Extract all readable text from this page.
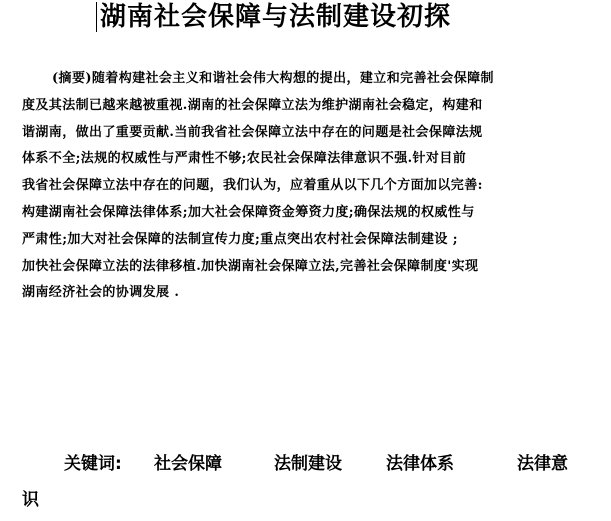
湖南社会保障与法制建设初探
(摘要)随着构建社会主义和谐社会伟大构想的提出，建立和完善社会保障制
度及其法制已越来越被重视.湖南的社会保障立法为维护湖南社会稳定，构建和
谐湖南，做出了重要贡献.当前我省社会保障立法中存在的问题是社会保障法规
体系不全;法规的权威性与严肃性不够;农民社会保障法律意识不强.针对目前
我省社会保障立法中存在的问题，我们认为，应着重从以下几个方面加以完善:
构建湖南社会保障法律体系;加大社会保障资金筹资力度;确保法规的权威性与
严肃性;加大对社会保障的法制宣传力度;重点突出农村社会保障法制建设 ;
加快社会保障立法的法律移植.加快湖南社会保障立法,完善社会保障制度'实现
湖南经济社会的协调发展 .
关键词:	社会保障	法制建设	法律体系	法律意
识
